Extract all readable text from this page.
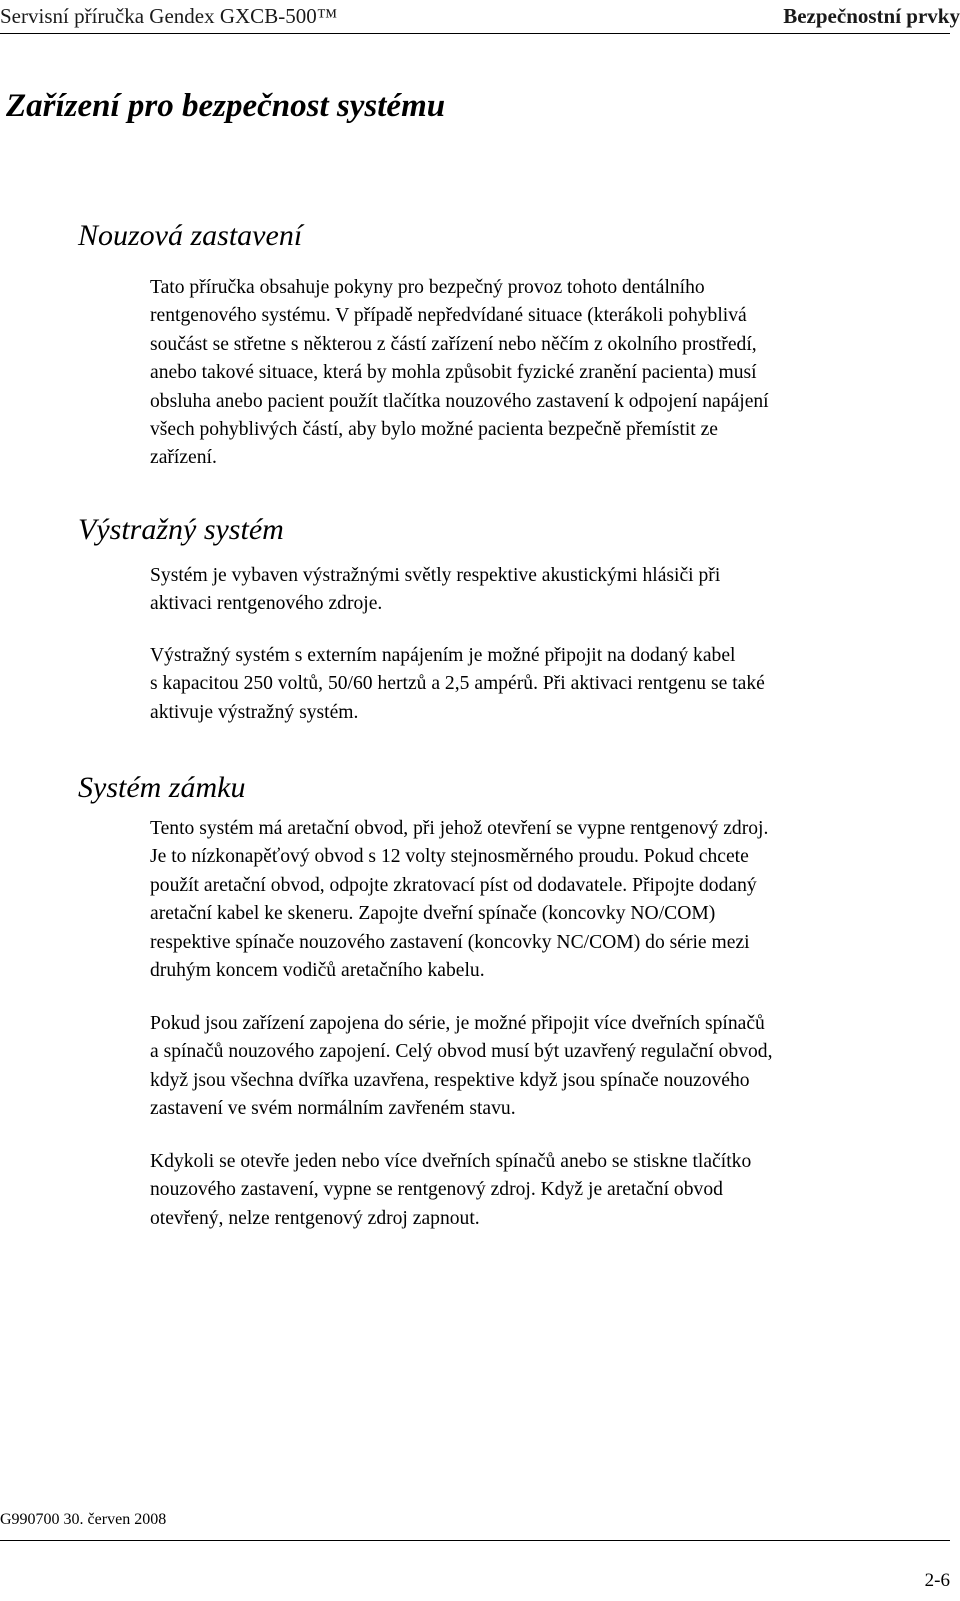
Servisní příručka Gendex GXCB-500™	Bezpečnostní prvky
Zařízení pro bezpečnost systému
Nouzová zastavení

Tato příručka obsahuje pokyny pro bezpečný provoz tohoto dentálního
rentgenového systému. V případě nepředvídané situace (kterákoli pohyblivá
součást se střetne s některou z částí zařízení nebo něčím z okolního prostředí,
anebo takové situace, která by mohla způsobit fyzické zranění pacienta) musí
obsluha anebo pacient použít tlačítka nouzového zastavení k odpojení napájení
všech pohyblivých částí, aby bylo možné pacienta bezpečně přemístit ze
zařízení.

Výstražný systém

Systém je vybaven výstražnými světly respektive akustickými hlásiči při
aktivaci rentgenového zdroje.

Výstražný systém s externím napájením je možné připojit na dodaný kabel
s kapacitou 250 voltů, 50/60 hertzů a 2,5 ampérů. Při aktivaci rentgenu se také
aktivuje výstražný systém.

Systém zámku

Tento systém má aretační obvod, při jehož otevření se vypne rentgenový zdroj.
Je to nízkonapěťový obvod s 12 volty stejnosměrného proudu. Pokud chcete
použít aretační obvod, odpojte zkratovací píst od dodavatele. Připojte dodaný
aretační kabel ke skeneru. Zapojte dveřní spínače (koncovky NO/COM)
respektive spínače nouzového zastavení (koncovky NC/COM) do série mezi
druhým koncem vodičů aretačního kabelu.

Pokud jsou zařízení zapojena do série, je možné připojit více dveřních spínačů
a spínačů nouzového zapojení. Celý obvod musí být uzavřený regulační obvod,
když jsou všechna dvířka uzavřena, respektive když jsou spínače nouzového
zastavení ve svém normálním zavřeném stavu.

Kdykoli se otevře jeden nebo více dveřních spínačů anebo se stiskne tlačítko
nouzového zastavení, vypne se rentgenový zdroj. Když je aretační obvod
otevřený, nelze rentgenový zdroj zapnout.

G990700 30. červen 2008
2-6
